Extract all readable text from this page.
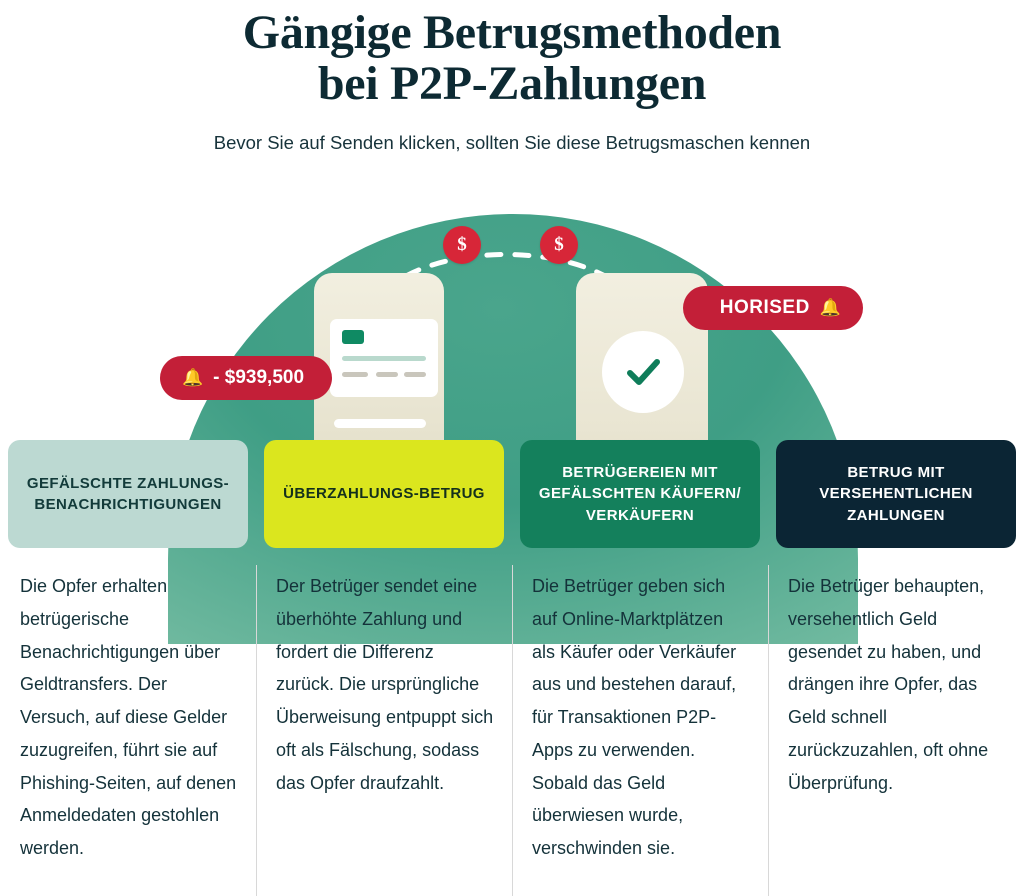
Gängige Betrugsmethoden
bei P2P-Zahlungen
Bevor Sie auf Senden klicken, sollten Sie diese Betrugsmaschen kennen
$	$
🔔 - $939,500
HORISED 🔔
GEFÄLSCHTE ZAHLUNGS-BENACHRICHTIGUNGEN
Die Opfer erhalten betrügerische Benachrichtigungen über Geldtransfers. Der Versuch, auf diese Gelder zuzugreifen, führt sie auf Phishing-Seiten, auf denen Anmeldedaten gestohlen werden.
ÜBERZAHLUNGS-BETRUG
Der Betrüger sendet eine überhöhte Zahlung und fordert die Differenz zurück. Die ursprüngliche Überweisung entpuppt sich oft als Fälschung, sodass das Opfer draufzahlt.
BETRÜGEREIEN MIT GEFÄLSCHTEN KÄUFERN/ VERKÄUFERN
Die Betrüger geben sich auf Online-Marktplätzen als Käufer oder Verkäufer aus und bestehen darauf, für Transaktionen P2P-Apps zu verwenden. Sobald das Geld überwiesen wurde, verschwinden sie.
BETRUG MIT VERSEHENTLICHEN ZAHLUNGEN
Die Betrüger behaupten, versehentlich Geld gesendet zu haben, und drängen ihre Opfer, das Geld schnell zurückzuzahlen, oft ohne Überprüfung.
